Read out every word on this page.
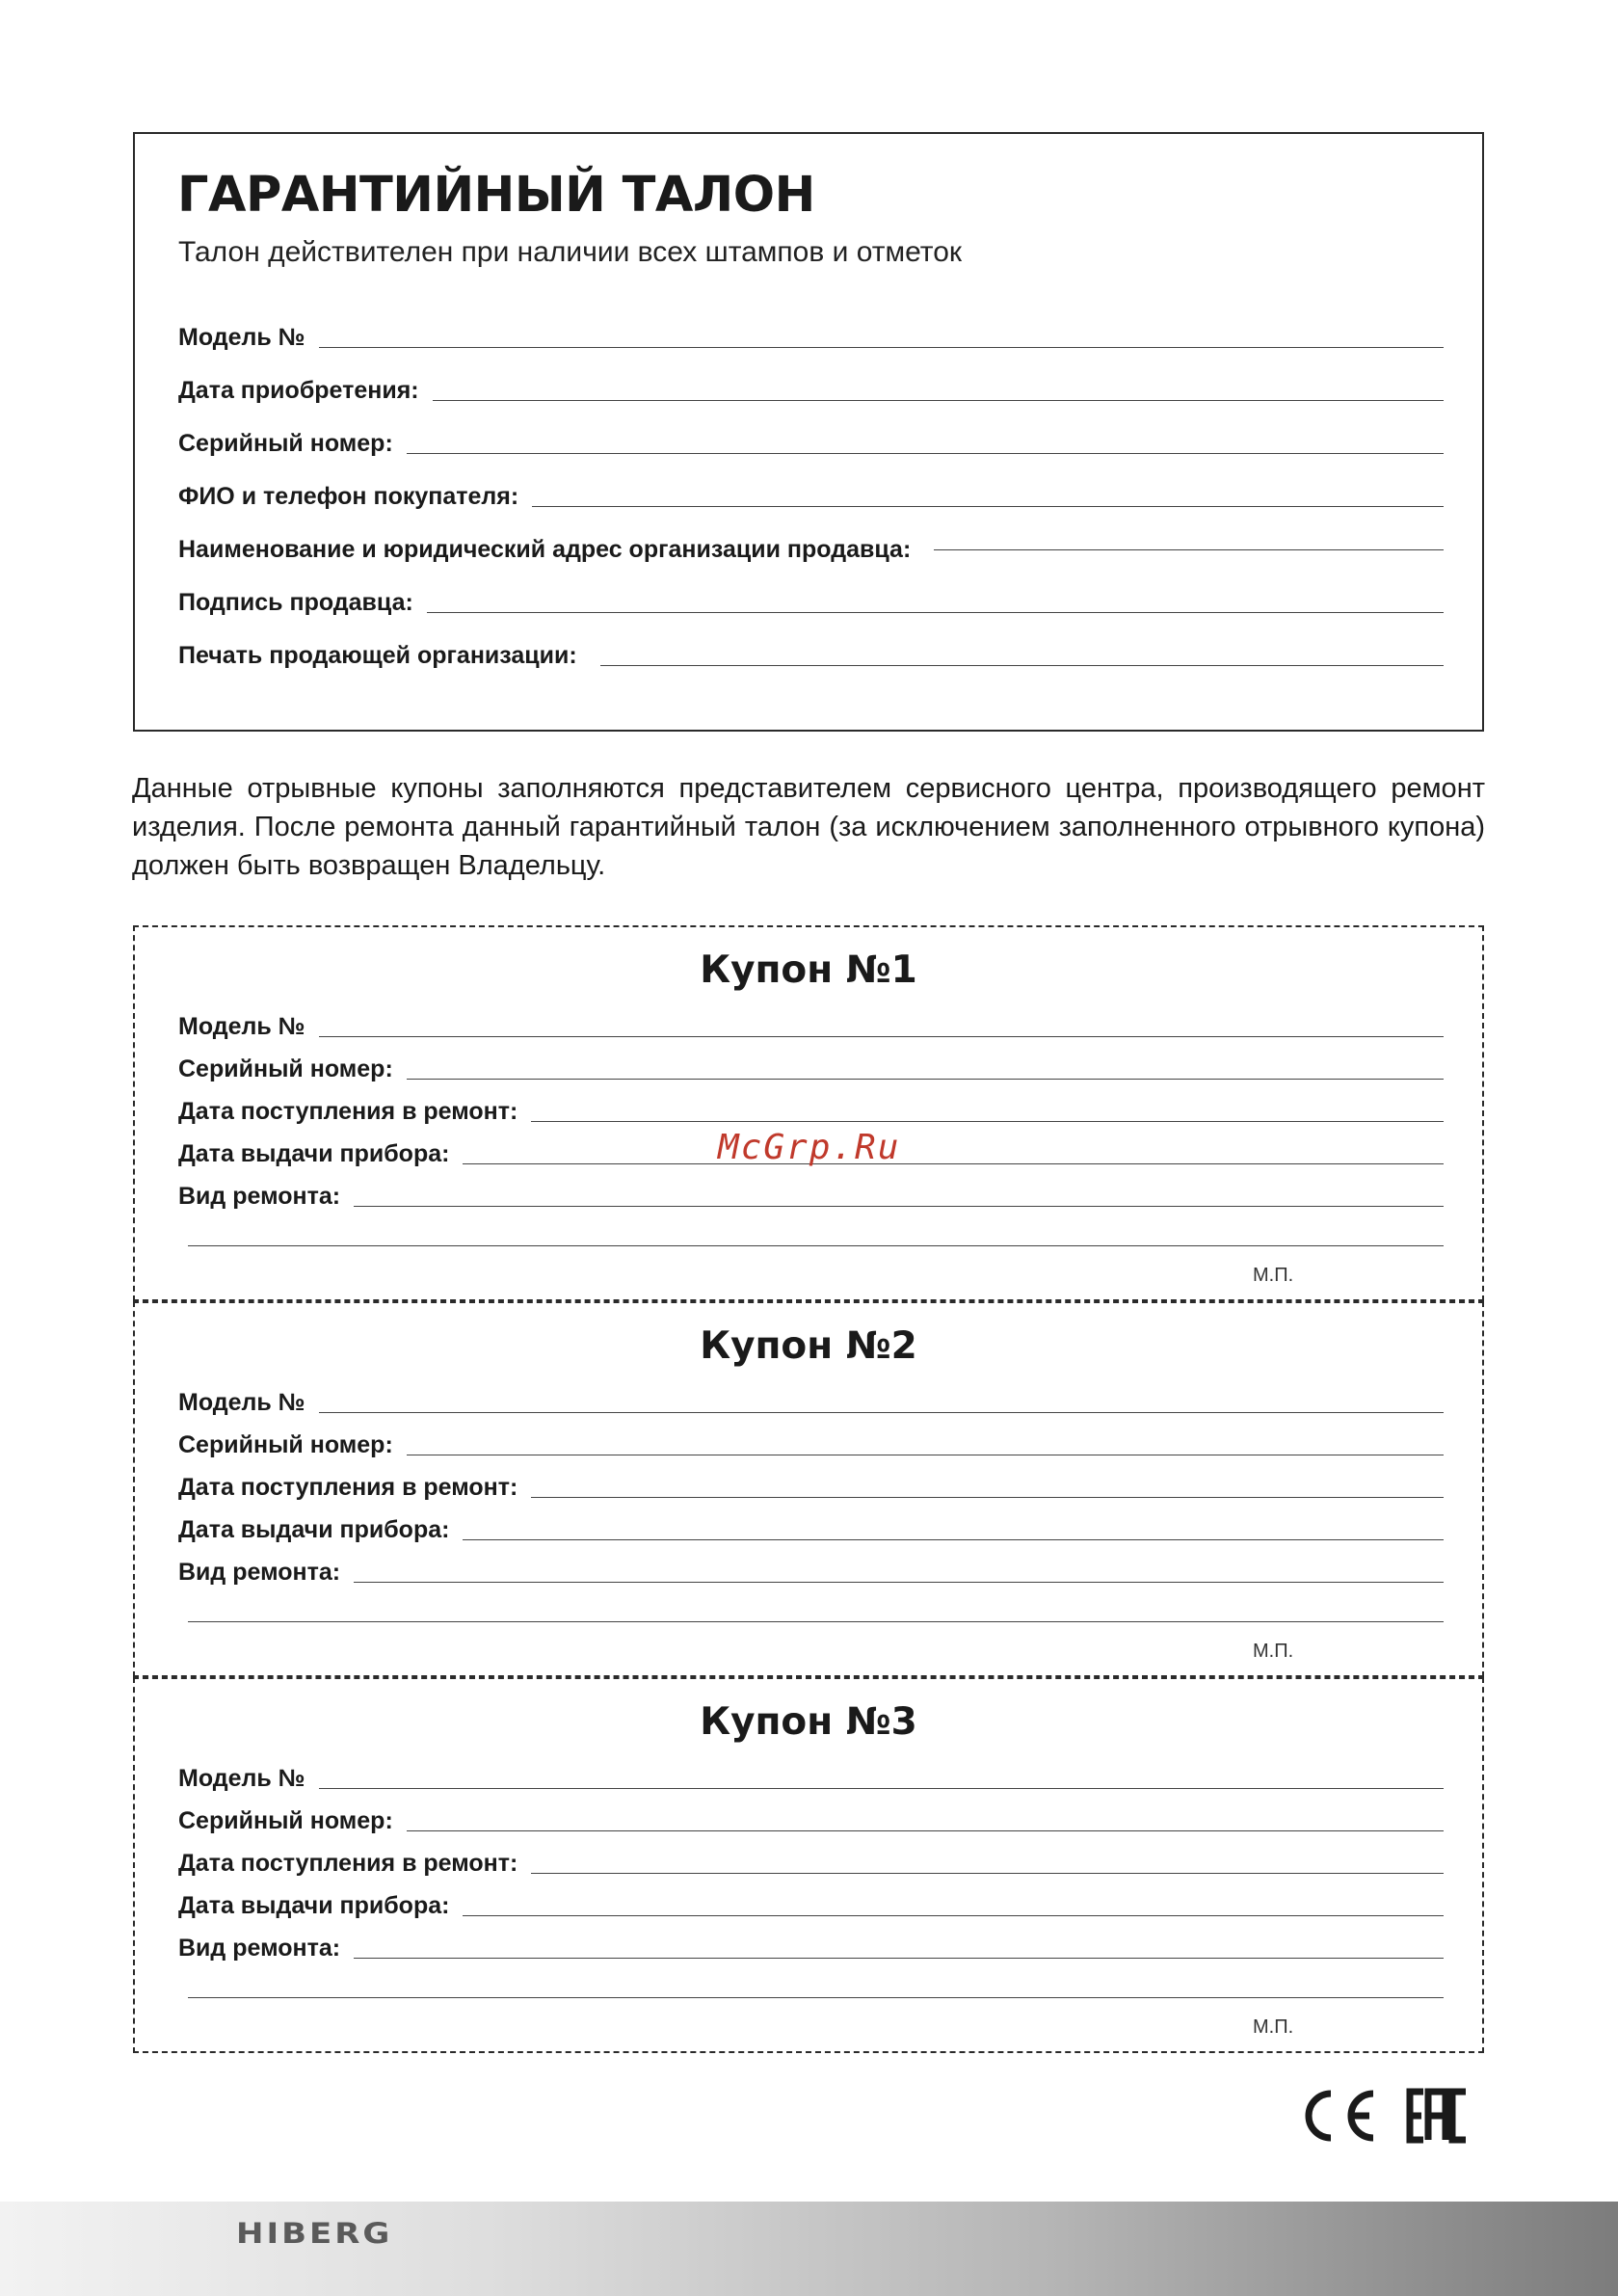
ГАРАНТИЙНЫЙ ТАЛОН
Талон действителен при наличии всех штампов и отметок
Модель №
Дата приобретения:
Серийный номер:
ФИО и телефон покупателя:
Наименование и юридический адрес организации продавца:
Подпись продавца:
Печать продающей организации:

Данные отрывные купоны заполняются представителем сервисного центра, производящего ремонт изделия. После ремонта данный гарантийный талон (за исключением заполненного отрывного купона) должен быть возвращен Владельцу.

Купон №1
Модель №
Серийный номер:
Дата поступления в ремонт:
Дата выдачи прибора:
Вид ремонта:
М.П.
Купон №2
Модель №
Серийный номер:
Дата поступления в ремонт:
Дата выдачи прибора:
Вид ремонта:
М.П.
Купон №3
Модель №
Серийный номер:
Дата поступления в ремонт:
Дата выдачи прибора:
Вид ремонта:
М.П.
McGrp.Ru
HIBERG
